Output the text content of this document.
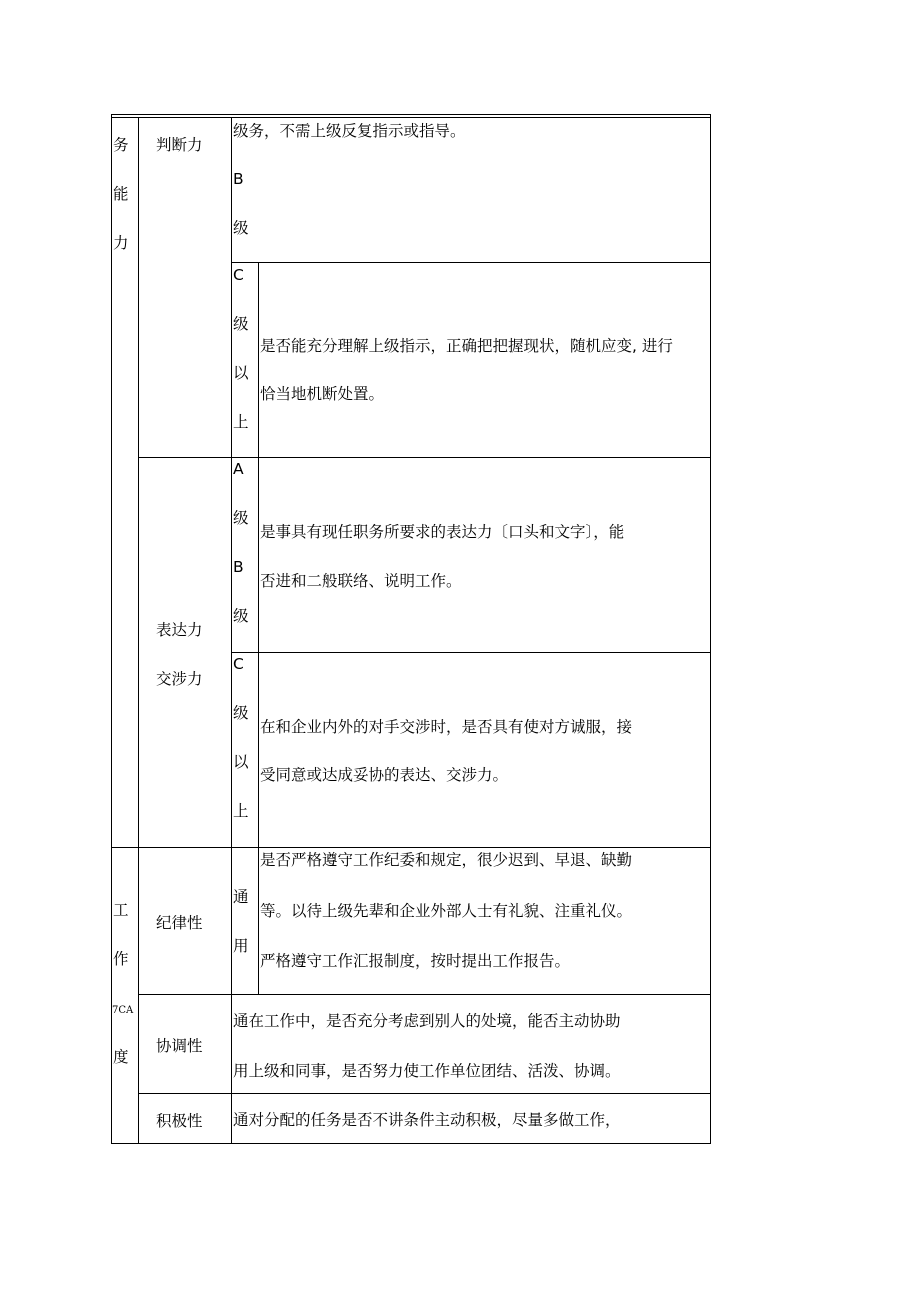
务
能
力
工
作
7CA
度
判断力
表达力
交涉力
纪律性
协调性
积极性
级务，不需上级反复指示或指导。
B
级
C
级
以
上
是否能充分理解上级指示，正确把把握现状，随机应变, 进行
恰当地机断处置。
A
级
B
级
是事具有现任职务所要求的表达力〔口头和文字〕，能
否进和二般联络、说明工作。
C
级
以
上
在和企业内外的对手交涉时，是否具有使对方诚服，接
受同意或达成妥协的表达、交涉力。
通
用
是否严格遵守工作纪委和规定，很少迟到、早退、缺勤
等。以待上级先辈和企业外部人士有礼貌、注重礼仪。
严格遵守工作汇报制度，按时提出工作报告。
通在工作中，是否充分考虑到别人的处境，能否主动协助
用上级和同事，是否努力使工作单位团结、活泼、协调。
通对分配的任务是否不讲条件主动积极，尽量多做工作，
